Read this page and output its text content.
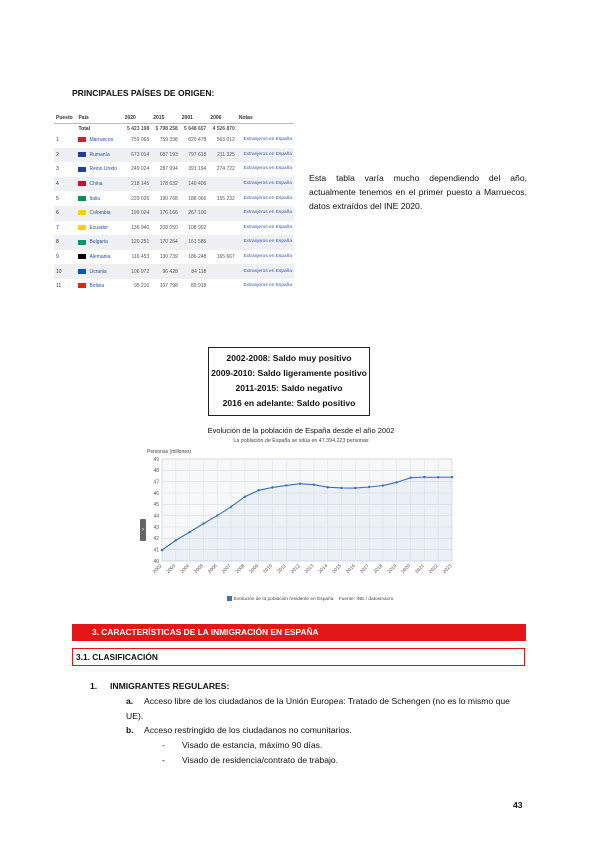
PRINCIPALES PAÍSES DE ORIGEN:
Puesto	País	2020	2015	2001	2006	Notas
	Total	5 423 198	5 798 258	5 648 657	4 526 870	
1	Marruecos	759 065	759 398	820 478	563 012	Extranjeros en España
2	Rumanía	673 014	687 193	797 618	211 325	Extranjeros en España
3	Reino Unido	249 024	287 994	391 194	274 722	Extranjeros en España
4	China	218 145	178 632	140 406		Extranjeros en España
5	Italia	229 026	190 768	188 066	155 232	Extranjeros en España
6	Colombia	199 024	176 166	267 100		Extranjeros en España
7	Ecuador	136 940	208 050	108 902		Extranjeros en España
8	Bulgaria	120 251	170 264	161 585		Extranjeros en España
9	Alemania	116 453	130 739	186 248	165 667	Extranjeros en España
10	Ucrania	106 972	96 428	84 118		Extranjeros en España
11	Bolivia	95 210	107 798	89 918		Extranjeros en España
Esta tabla varía mucho dependiendo del año, actualmente tenemos en el primer puesto a Marruecos, datos extraídos del INE 2020.
2002-2008: Saldo muy positivo
2009-2010: Saldo ligeramente positivo
2011-2015: Saldo negativo
2016 en adelante: Saldo positivo
Evolución de la población de España desde el año 2002
La población de España se sitúa en 47.394.223 personas
Personas (millones)
40
41
42
43
44
45
46
47
48
49
2002 2003 2004 2005 2006 2007 2008 2009 2010 2011 2012 2013 2014 2015 2016 2017 2018 2019 2020 2021 2022 2023
›
Evolución de la población residente en España Fuente: INE / datosmacro
3. CARACTERÍSTICAS DE LA INMIGRACIÓN EN ESPAÑA
3.1. CLASIFICACIÓN
1. INMIGRANTES REGULARES:
a. Acceso libre de los ciudadanos de la Unión Europea: Tratado de Schengen (no es lo mismo que UE).
b. Acceso restringido de los ciudadanos no comunitarios.
- Visado de estancia, máximo 90 días.
- Visado de residencia/contrato de trabajo.
43
